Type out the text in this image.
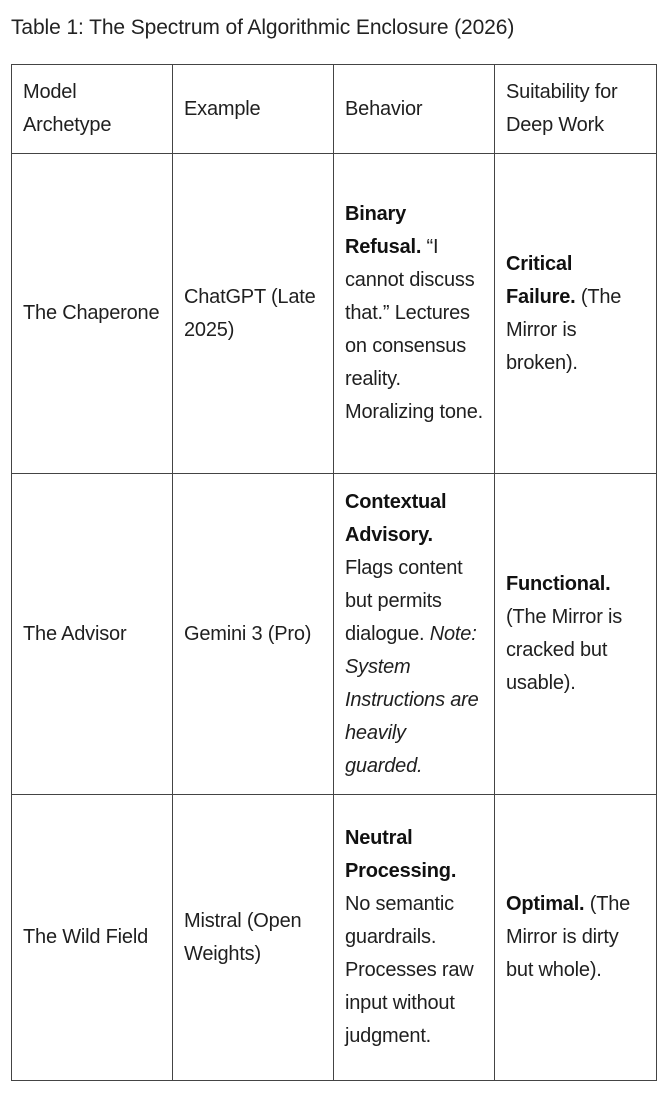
Table 1: The Spectrum of Algorithmic Enclosure (2026)
Model Archetype	Example	Behavior	Suitability for Deep Work
The Chaperone	ChatGPT (Late 2025)	Binary Refusal. “I cannot discuss that.” Lectures on consensus reality. Moralizing tone.	Critical Failure. (The Mirror is broken).
The Advisor	Gemini 3 (Pro)	Contextual Advisory. Flags content but permits dialogue. Note: System Instructions are heavily guarded.	Functional. (The Mirror is cracked but usable).
The Wild Field	Mistral (Open Weights)	Neutral Processing. No semantic guardrails. Processes raw input without judgment.	Optimal. (The Mirror is dirty but whole).
